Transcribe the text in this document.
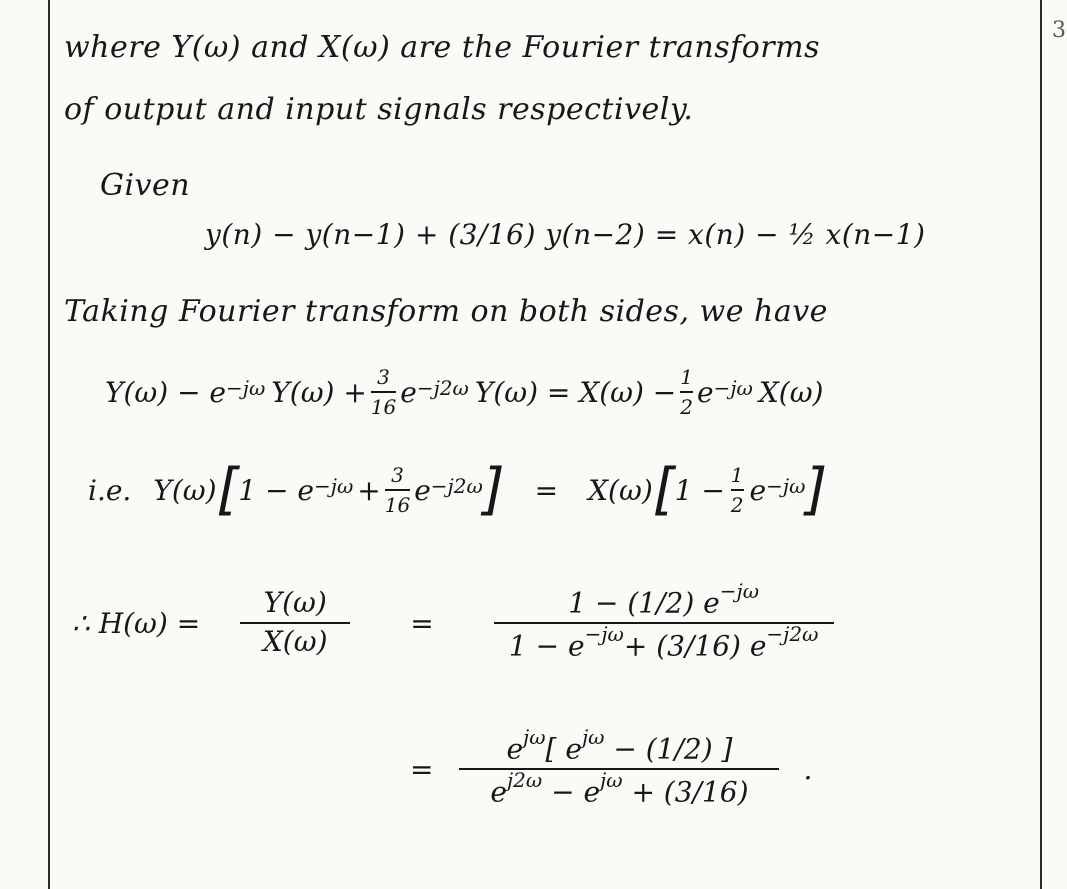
3
where Y(ω) and X(ω) are the Fourier transforms
of output and input signals respectively.
Given
y(n) − y(n−1) + (3/16) y(n−2) = x(n) − ½ x(n−1)
Taking Fourier transform on both sides, we have
$Y(\omega) - e^{-j\omega}$ $Y(\omega) + \frac{3}{16} e^{-j2\omega}$ $Y(\omega) = X(\omega) - \frac{1}{2} e^{-j\omega}$ X(ω)
i.e. Y(ω) [ $1 - e^{-j\omega} + \frac{3}{16} e^{-j2\omega}$ ] = X(ω) [ $1 - \frac{1}{2} e^{-j\omega}$ ]
∴ $H(\omega) = \frac{Y(\omega)}{X(\omega)} = \frac{1 - (1/2) e^{-j\omega}}{1 - e^{-j\omega}+ (3/16) e^{-j2\omega}}$
= $\frac{e^{j\omega}[ e^{j\omega} - (1/2) ]}{e^{j2\omega} - e^{j\omega} + (3/16)}$ .
